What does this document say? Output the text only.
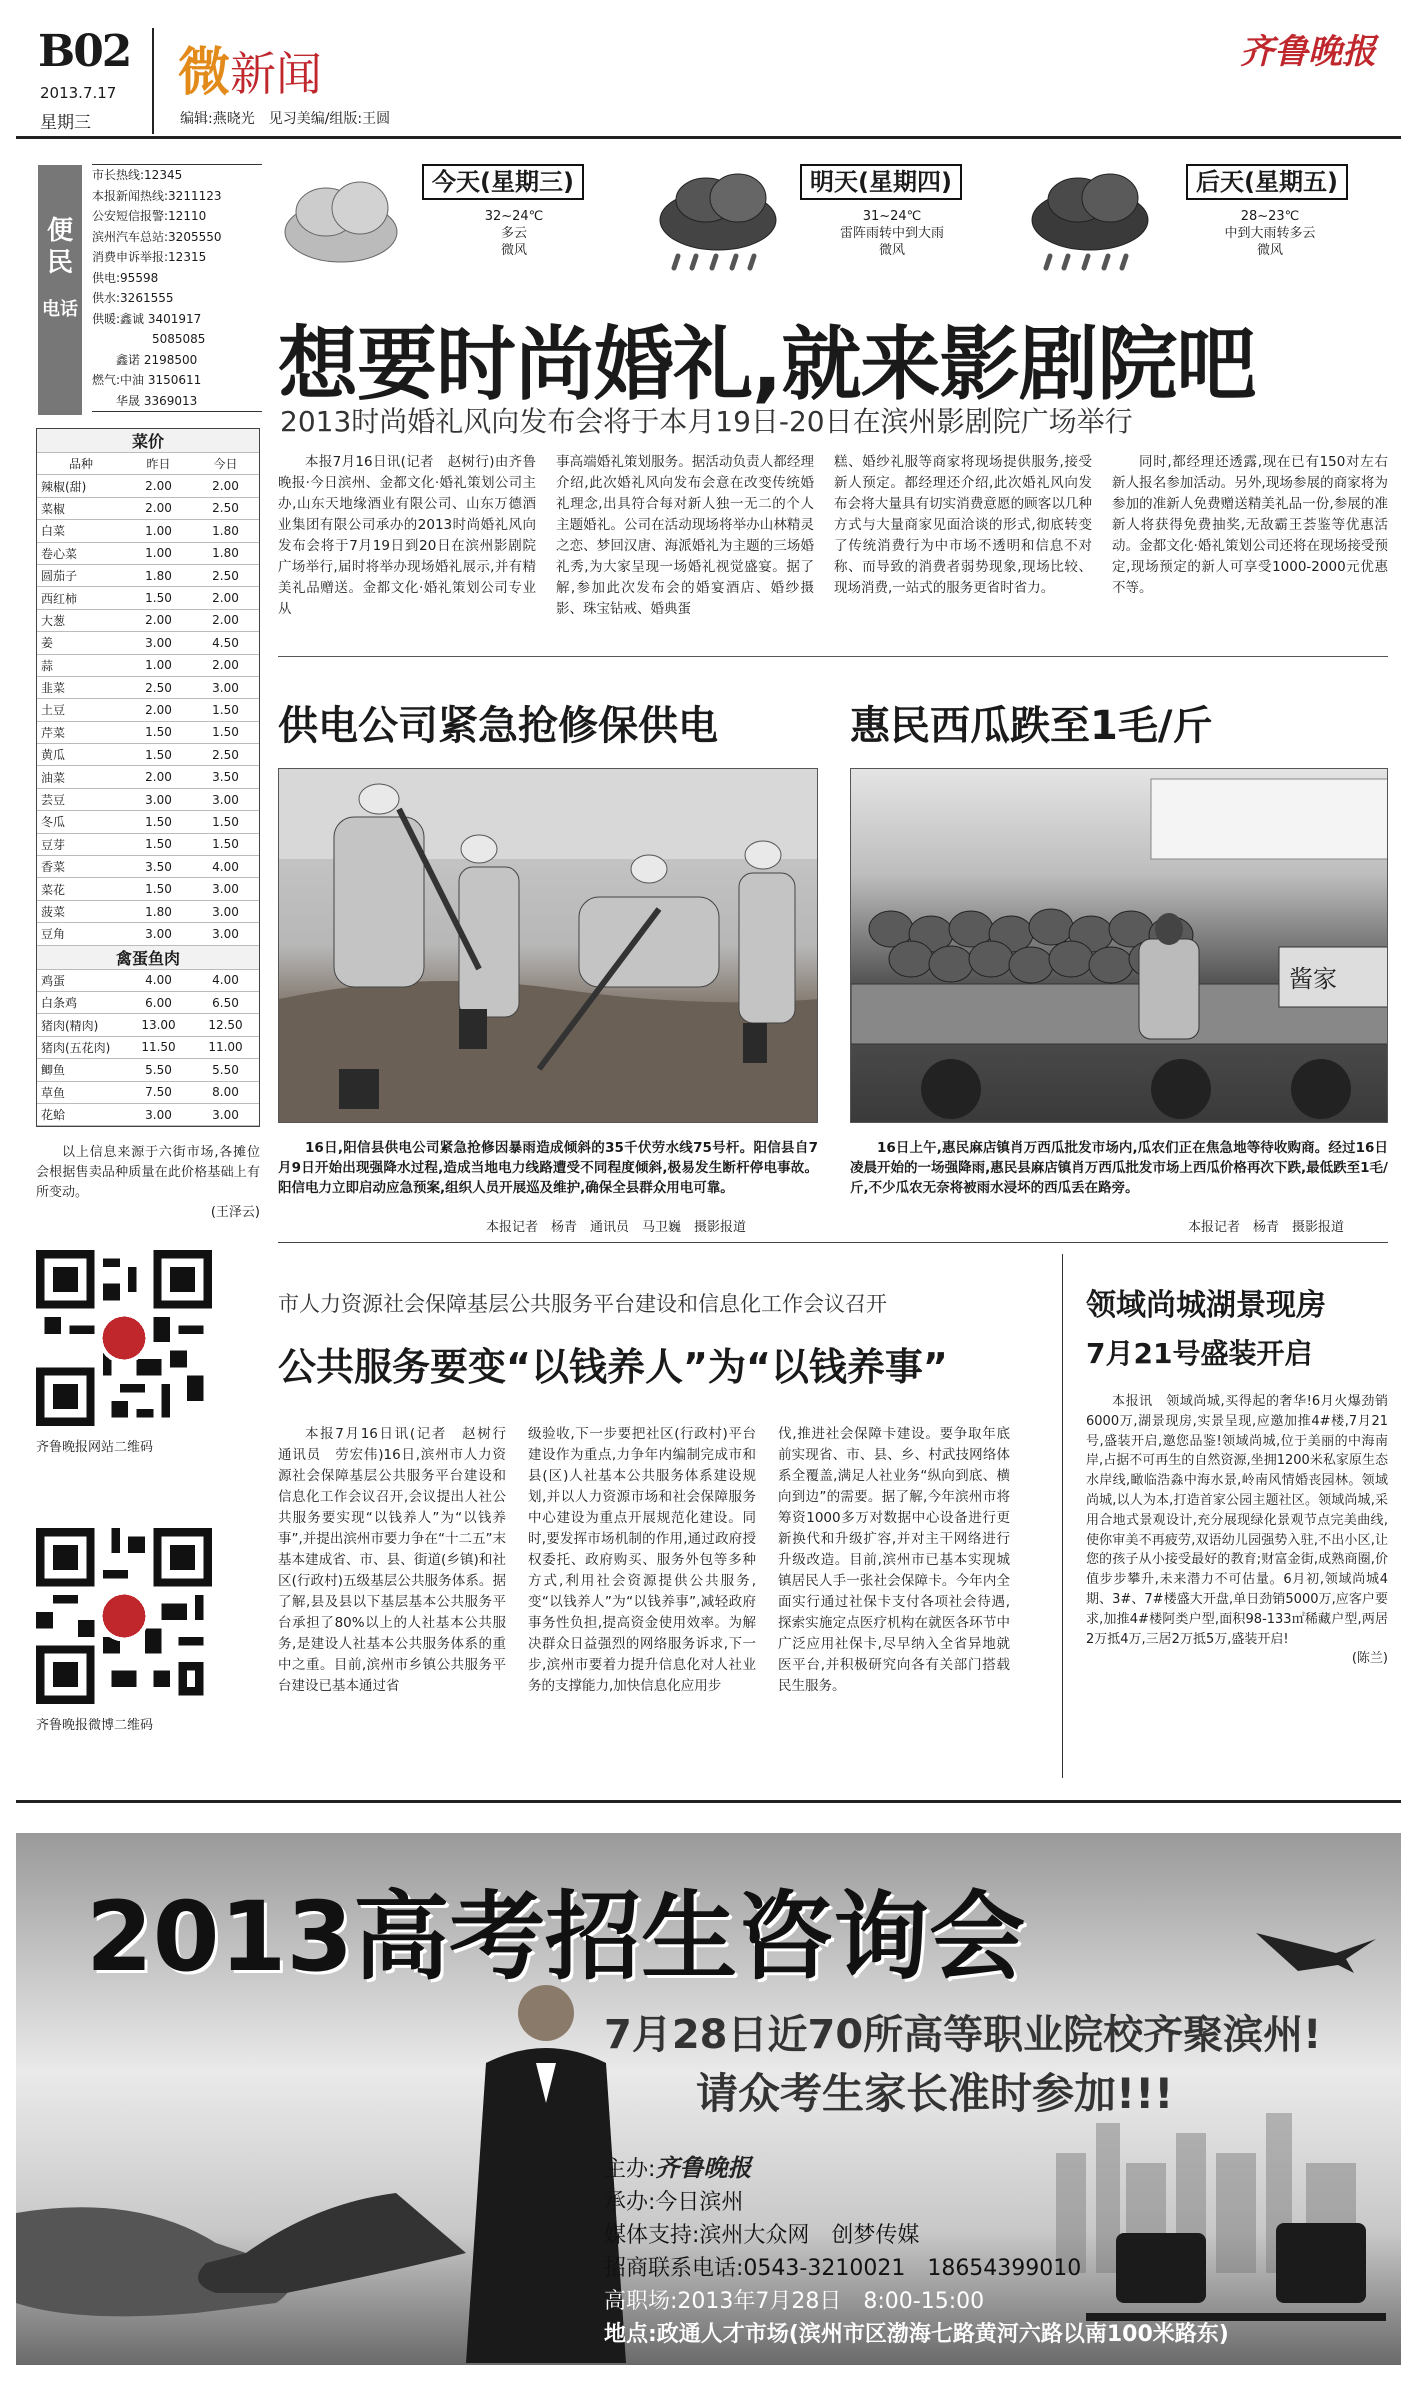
B02
2013.7.17
星期三
微新闻
编辑:燕晓光　见习美编/组版:王圆
齐鲁晚报
便民
电话
市长热线:12345
本报新闻热线:3211123
公安短信报警:12110
滨州汽车总站:3205550
消费申诉举报:12315
供电:95598
供水:3261555
供暖:鑫诚 3401917
　　　　　5085085
　　鑫诺 2198500
燃气:中油 3150611
　　华晟 3369013
今天(星期三)
32~24℃
多云
微风
明天(星期四)
31~24℃
雷阵雨转中到大雨
微风
后天(星期五)
28~23℃
中到大雨转多云
微风
想要时尚婚礼,就来影剧院吧
2013时尚婚礼风向发布会将于本月19日-20日在滨州影剧院广场举行

本报7月16日讯(记者　赵树行)由齐鲁晚报·今日滨州、金都文化·婚礼策划公司主办,山东天地缘酒业有限公司、山东万德酒业集团有限公司承办的2013时尚婚礼风向发布会将于7月19日到20日在滨州影剧院广场举行,届时将举办现场婚礼展示,并有精美礼品赠送。金都文化·婚礼策划公司专业从

事高端婚礼策划服务。据活动负责人都经理介绍,此次婚礼风向发布会意在改变传统婚礼理念,出具符合每对新人独一无二的个人主题婚礼。公司在活动现场将举办山林精灵之恋、梦回汉唐、海派婚礼为主题的三场婚礼秀,为大家呈现一场婚礼视觉盛宴。据了解,参加此次发布会的婚宴酒店、婚纱摄影、珠宝钻戒、婚典蛋

糕、婚纱礼服等商家将现场提供服务,接受新人预定。都经理还介绍,此次婚礼风向发布会将大量具有切实消费意愿的顾客以几种方式与大量商家见面洽谈的形式,彻底转变了传统消费行为中市场不透明和信息不对称、而导致的消费者弱势现象,现场比较、现场消费,一站式的服务更省时省力。

同时,都经理还透露,现在已有150对左右新人报名参加活动。另外,现场参展的商家将为参加的准新人免费赠送精美礼品一份,参展的准新人将获得免费抽奖,无敌霸王荟鉴等优惠活动。金都文化·婚礼策划公司还将在现场接受预定,现场预定的新人可享受1000-2000元优惠不等。

菜价		
品种	昨日	今日
辣椒(甜)	2.00	2.00
菜椒	2.00	2.50
白菜	1.00	1.80
卷心菜	1.00	1.80
圆茄子	1.80	2.50
西红柿	1.50	2.00
大葱	2.00	2.00
姜	3.00	4.50
蒜	1.00	2.00
韭菜	2.50	3.00
土豆	2.00	1.50
芹菜	1.50	1.50
黄瓜	1.50	2.50
油菜	2.00	3.50
芸豆	3.00	3.00
冬瓜	1.50	1.50
豆芽	1.50	1.50
香菜	3.50	4.00
菜花	1.50	3.00
菠菜	1.80	3.00
豆角	3.00	3.00
禽蛋鱼肉		
鸡蛋	4.00	4.00
白条鸡	6.00	6.50
猪肉(精肉)	13.00	12.50
猪肉(五花肉)	11.50	11.00
鲫鱼	5.50	5.50
草鱼	7.50	8.00
花蛤	3.00	3.00

以上信息来源于六街市场,各摊位会根据售卖品种质量在此价格基础上有所变动。

(王泽云)
供电公司紧急抢修保供电
16日,阳信县供电公司紧急抢修因暴雨造成倾斜的35千伏劳水线75号杆。阳信县自7月9日开始出现强降水过程,造成当地电力线路遭受不同程度倾斜,极易发生断杆停电事故。阳信电力立即启动应急预案,组织人员开展巡及维护,确保全县群众用电可靠。
本报记者　杨青　通讯员　马卫巍　摄影报道
惠民西瓜跌至1毛/斤
酱家
16日上午,惠民麻店镇肖万西瓜批发市场内,瓜农们正在焦急地等待收购商。经过16日凌晨开始的一场强降雨,惠民县麻店镇肖万西瓜批发市场上西瓜价格再次下跌,最低跌至1毛/斤,不少瓜农无奈将被雨水浸坏的西瓜丢在路旁。
本报记者　杨青　摄影报道
齐鲁晚报网站二维码
齐鲁晚报微博二维码
市人力资源社会保障基层公共服务平台建设和信息化工作会议召开
公共服务要变“以钱养人”为“以钱养事”

本报7月16日讯(记者　赵树行　通讯员　劳宏伟)16日,滨州市人力资源社会保障基层公共服务平台建设和信息化工作会议召开,会议提出人社公共服务要实现“以钱养人”为“以钱养事”,并提出滨州市要力争在“十二五”末基本建成省、市、县、街道(乡镇)和社区(行政村)五级基层公共服务体系。据了解,县及县以下基层基本公共服务平台承担了80%以上的人社基本公共服务,是建设人社基本公共服务体系的重中之重。目前,滨州市乡镇公共服务平台建设已基本通过省

级验收,下一步要把社区(行政村)平台建设作为重点,力争年内编制完成市和县(区)人社基本公共服务体系建设规划,并以人力资源市场和社会保障服务中心建设为重点开展规范化建设。同时,要发挥市场机制的作用,通过政府授权委托、政府购买、服务外包等多种方式,利用社会资源提供公共服务,变“以钱养人”为“以钱养事”,减轻政府事务性负担,提高资金使用效率。为解决群众日益强烈的网络服务诉求,下一步,滨州市要着力提升信息化对人社业务的支撑能力,加快信息化应用步

伐,推进社会保障卡建设。要争取年底前实现省、市、县、乡、村武技网络体系全覆盖,满足人社业务“纵向到底、横向到边”的需要。据了解,今年滨州市将筹资1000多万对数据中心设备进行更新换代和升级扩容,并对主干网络进行升级改造。目前,滨州市已基本实现城镇居民人手一张社会保障卡。今年内全面实行通过社保卡支付各项社会待遇,探索实施定点医疗机构在就医各环节中广泛应用社保卡,尽早纳入全省异地就医平台,并积极研究向各有关部门搭载民生服务。

领域尚城湖景现房
7月21号盛装开启

本报讯　领域尚城,买得起的奢华!6月火爆劲销6000万,湖景现房,实景呈现,应邀加推4#楼,7月21号,盛装开启,邀您品鉴!领域尚城,位于美丽的中海南岸,占据不可再生的自然资源,坐拥1200米私家原生态水岸线,瞰临浩淼中海水景,岭南风情婚丧园林。领域尚城,以人为本,打造首家公园主题社区。领域尚城,采用合地式景观设计,充分展现绿化景观节点完美曲线,使你审美不再疲劳,双语幼儿园强势入驻,不出小区,让您的孩子从小接受最好的教育;财富金街,成熟商圈,价值步步攀升,未来潜力不可估量。6月初,领域尚城4期、3#、7#楼盛大开盘,单日劲销5000万,应客户要求,加推4#楼阿类户型,面积98-133㎡稀藏户型,两居2万抵4万,三居2万抵5万,盛装开启!

(陈兰)
2013高考招生咨询会
7月28日近70所高等职业院校齐聚滨州!
请众考生家长准时参加!!!
主办:齐鲁晚报
承办:今日滨州
媒体支持:滨州大众网　创梦传媒
招商联系电话:0543-3210021　18654399010
高职场:2013年7月28日　8:00-15:00
地点:政通人才市场(滨州市区渤海七路黄河六路以南100米路东)
